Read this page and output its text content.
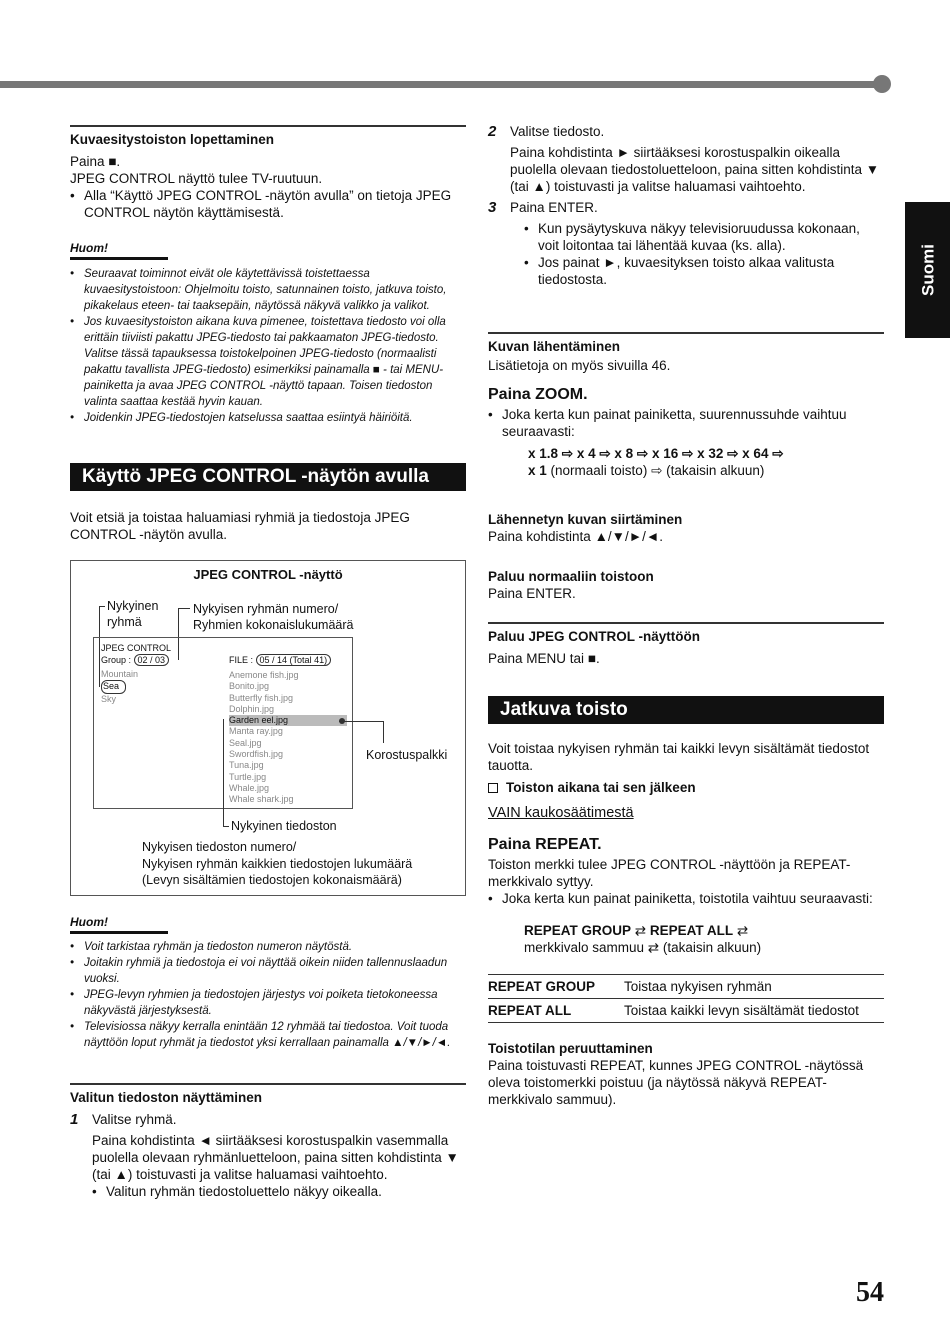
Suomi
Kuvaesitystoiston lopettaminen
Paina ■.
JPEG CONTROL näyttö tulee TV-ruutuun.
• Alla “Käyttö JPEG CONTROL -näytön avulla” on tietoja JPEG CONTROL näytön käyttämisestä.
Huom!
• Seuraavat toiminnot eivät ole käytettävissä toistettaessa kuvaesitystoistoon: Ohjelmoitu toisto, satunnainen toisto, jatkuva toisto, pikakelaus eteen- tai taaksepäin, näytössä näkyvä valikko ja valikot.
• Jos kuvaesitystoiston aikana kuva pimenee, toistettava tiedosto voi olla erittäin tiiviisti pakattu JPEG-tiedosto tai pakkaamaton JPEG-tiedosto. Valitse tässä tapauksessa toistokelpoinen JPEG-tiedosto (normaalisti pakattu tavallista JPEG-tiedosto) esimerkiksi painamalla ■ - tai MENU-painiketta ja avaa JPEG CONTROL -näyttö tapaan. Toisen tiedoston valinta saattaa kestää hyvin kauan.
• Joidenkin JPEG-tiedostojen katselussa saattaa esiintyä häiriöitä.
Käyttö JPEG CONTROL -näytön avulla
Voit etsiä ja toistaa haluamiasi ryhmiä ja tiedostoja JPEG CONTROL -näytön avulla.
JPEG CONTROL -näyttö
Nykyinen
ryhmä
Nykyisen ryhmän numero/
Ryhmien kokonaislukumäärä
JPEG CONTROL
Group : 02 / 03	FILE : 05 / 14 (Total 41)
Mountain
Sea

Sky
Anemone fish.jpg
Bonito.jpg
Butterfly fish.jpg
Dolphin.jpg
Garden eel.jpg
Manta ray.jpg
Seal.jpg
Swordfish.jpg
Tuna.jpg
Turtle.jpg
Whale.jpg
Whale shark.jpg
Korostuspalkki
Nykyinen tiedoston
Nykyisen tiedoston numero/
Nykyisen ryhmän kaikkien tiedostojen lukumäärä
(Levyn sisältämien tiedostojen kokonaismäärä)
Huom!
• Voit tarkistaa ryhmän ja tiedoston numeron näytöstä.
• Joitakin ryhmiä ja tiedostoja ei voi näyttää oikein niiden tallennuslaadun vuoksi.
• JPEG-levyn ryhmien ja tiedostojen järjestys voi poiketa tietokoneessa näkyvästä järjestyksestä.
• Televisiossa näkyy kerralla enintään 12 ryhmää tai tiedostoa. Voit tuoda näyttöön loput ryhmät ja tiedostot yksi kerrallaan painamalla ▲/▼/►/◄.
Valitun tiedoston näyttäminen
1 Valitse ryhmä.
Paina kohdistinta ◄ siirtääksesi korostuspalkin vasemmalla puolella olevaan ryhmänluetteloon, paina sitten kohdistinta ▼ (tai ▲) toistuvasti ja valitse haluamasi vaihtoehto.
• Valitun ryhmän tiedostoluettelo näkyy oikealla.
2 Valitse tiedosto.
Paina kohdistinta ► siirtääksesi korostuspalkin oikealla puolella olevaan tiedostoluetteloon, paina sitten kohdistinta ▼ (tai ▲) toistuvasti ja valitse haluamasi vaihtoehto.
3 Paina ENTER.
• Kun pysäytyskuva näkyy televisioruudussa kokonaan, voit loitontaa tai lähentää kuvaa (ks. alla).
• Jos painat ►, kuvaesityksen toisto alkaa valitusta tiedostosta.
Kuvan lähentäminen
Lisätietoja on myös sivuilla 46.
Paina ZOOM.
• Joka kerta kun painat painiketta, suurennussuhde vaihtuu seuraavasti:
x 1.8 ⇨ x 4 ⇨ x 8 ⇨ x 16 ⇨ x 32 ⇨ x 64 ⇨
x 1 (normaali toisto) ⇨ (takaisin alkuun)
Lähennetyn kuvan siirtäminen
Paina kohdistinta ▲/▼/►/◄.
Paluu normaaliin toistoon
Paina ENTER.
Paluu JPEG CONTROL -näyttöön
Paina MENU tai ■.
Jatkuva toisto
Voit toistaa nykyisen ryhmän tai kaikki levyn sisältämät tiedostot tauotta.
Toiston aikana tai sen jälkeen
VAIN kaukosäätimestä
Paina REPEAT.
Toiston merkki tulee JPEG CONTROL -näyttöön ja REPEAT-merkkivalo syttyy.
• Joka kerta kun painat painiketta, toistotila vaihtuu seuraavasti:
REPEAT GROUP ⇄ REPEAT ALL ⇄
merkkivalo sammuu ⇄ (takaisin alkuun)
REPEAT GROUP	Toistaa nykyisen ryhmän
REPEAT ALL	Toistaa kaikki levyn sisältämät tiedostot
Toistotilan peruuttaminen
Paina toistuvasti REPEAT, kunnes JPEG CONTROL -näytössä oleva toistomerkki poistuu (ja näytössä näkyvä REPEAT-merkkivalo sammuu).
54
